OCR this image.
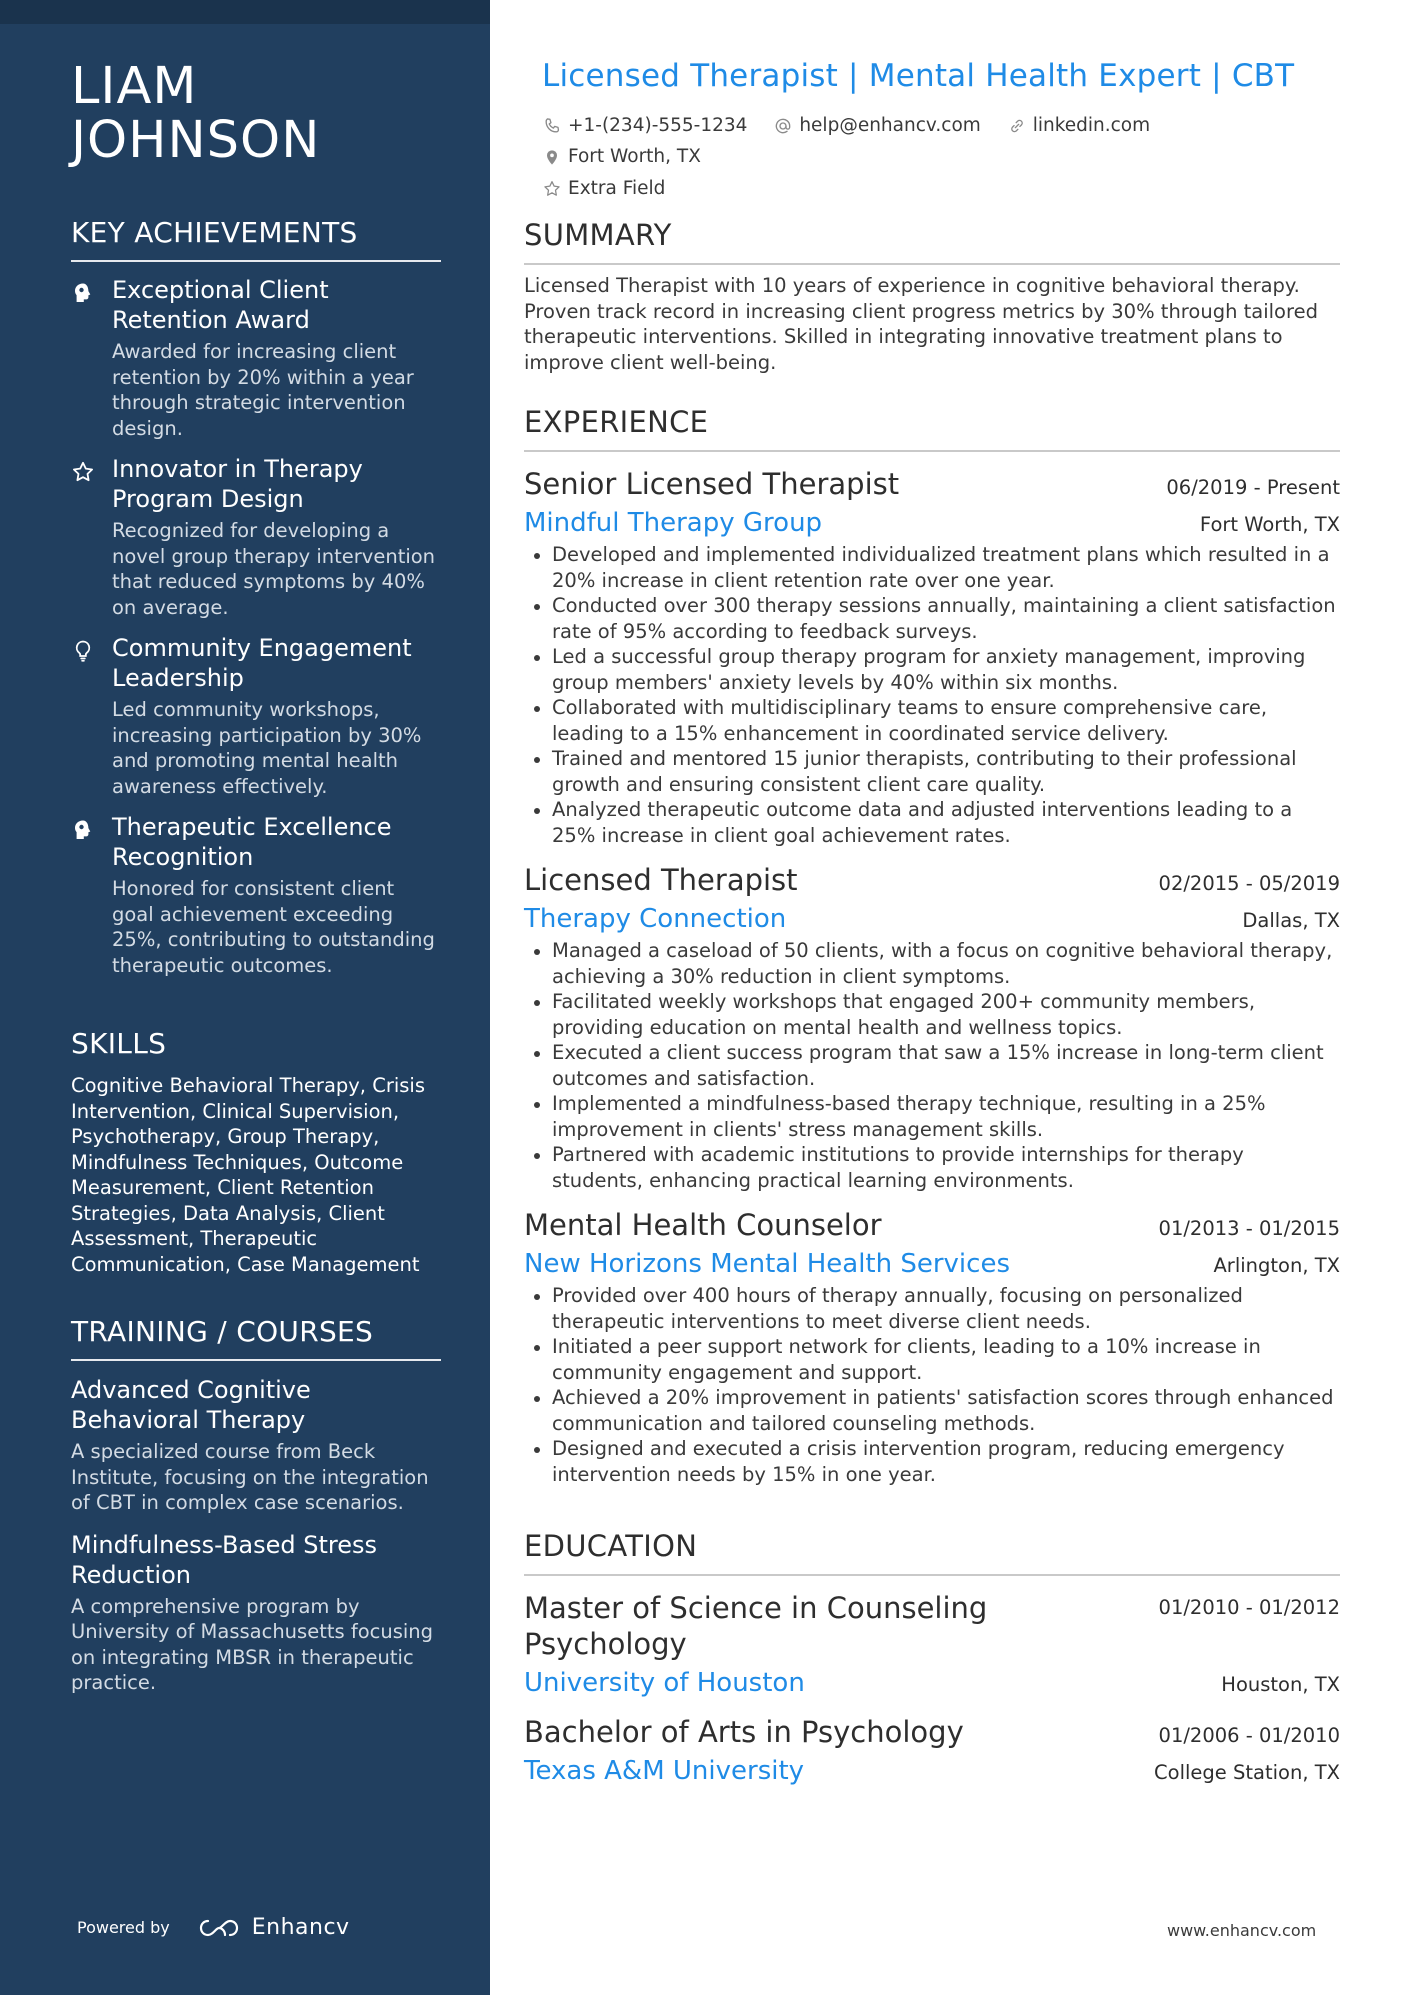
LIAM
JOHNSON
KEY ACHIEVEMENTS
Exceptional Client Retention Award
Awarded for increasing client retention by 20% within a year through strategic intervention design.
Innovator in Therapy Program Design
Recognized for developing a novel group therapy intervention that reduced symptoms by 40% on average.
Community Engagement Leadership
Led community workshops, increasing participation by 30% and promoting mental health awareness effectively.
Therapeutic Excellence Recognition
Honored for consistent client goal achievement exceeding 25%, contributing to outstanding therapeutic outcomes.
SKILLS
Cognitive Behavioral Therapy, Crisis Intervention, Clinical Supervision, Psychotherapy, Group Therapy, Mindfulness Techniques, Outcome Measurement, Client Retention Strategies, Data Analysis, Client Assessment, Therapeutic Communication, Case Management
TRAINING / COURSES
Advanced Cognitive Behavioral Therapy
A specialized course from Beck Institute, focusing on the integration of CBT in complex case scenarios.
Mindfulness-Based Stress Reduction
A comprehensive program by University of Massachusetts focusing on integrating MBSR in therapeutic practice.
Powered by	Enhancv
Licensed Therapist | Mental Health Expert | CBT
+1-(234)-555-1234
	help@enhancv.com
	linkedin.com

Fort Worth, TX
Extra Field
SUMMARY
Licensed Therapist with 10 years of experience in cognitive behavioral therapy. Proven track record in increasing client progress metrics by 30% through tailored therapeutic interventions. Skilled in integrating innovative treatment plans to improve client well-being.
EXPERIENCE
Senior Licensed Therapist	06/2019 - Present
Mindful Therapy Group	Fort Worth, TX
Developed and implemented individualized treatment plans which resulted in a 20% increase in client retention rate over one year.
Conducted over 300 therapy sessions annually, maintaining a client satisfaction rate of 95% according to feedback surveys.
Led a successful group therapy program for anxiety management, improving group members' anxiety levels by 40% within six months.
Collaborated with multidisciplinary teams to ensure comprehensive care, leading to a 15% enhancement in coordinated service delivery.
Trained and mentored 15 junior therapists, contributing to their professional growth and ensuring consistent client care quality.
Analyzed therapeutic outcome data and adjusted interventions leading to a 25% increase in client goal achievement rates.
Licensed Therapist	02/2015 - 05/2019
Therapy Connection	Dallas, TX
Managed a caseload of 50 clients, with a focus on cognitive behavioral therapy, achieving a 30% reduction in client symptoms.
Facilitated weekly workshops that engaged 200+ community members, providing education on mental health and wellness topics.
Executed a client success program that saw a 15% increase in long-term client outcomes and satisfaction.
Implemented a mindfulness-based therapy technique, resulting in a 25% improvement in clients' stress management skills.
Partnered with academic institutions to provide internships for therapy students, enhancing practical learning environments.
Mental Health Counselor	01/2013 - 01/2015
New Horizons Mental Health Services	Arlington, TX
Provided over 400 hours of therapy annually, focusing on personalized therapeutic interventions to meet diverse client needs.
Initiated a peer support network for clients, leading to a 10% increase in community engagement and support.
Achieved a 20% improvement in patients' satisfaction scores through enhanced communication and tailored counseling methods.
Designed and executed a crisis intervention program, reducing emergency intervention needs by 15% in one year.
EDUCATION
Master of Science in Counseling Psychology
01/2010 - 01/2012
University of Houston	Houston, TX
Bachelor of Arts in Psychology	01/2006 - 01/2010
Texas A&M University	College Station, TX
www.enhancv.com
